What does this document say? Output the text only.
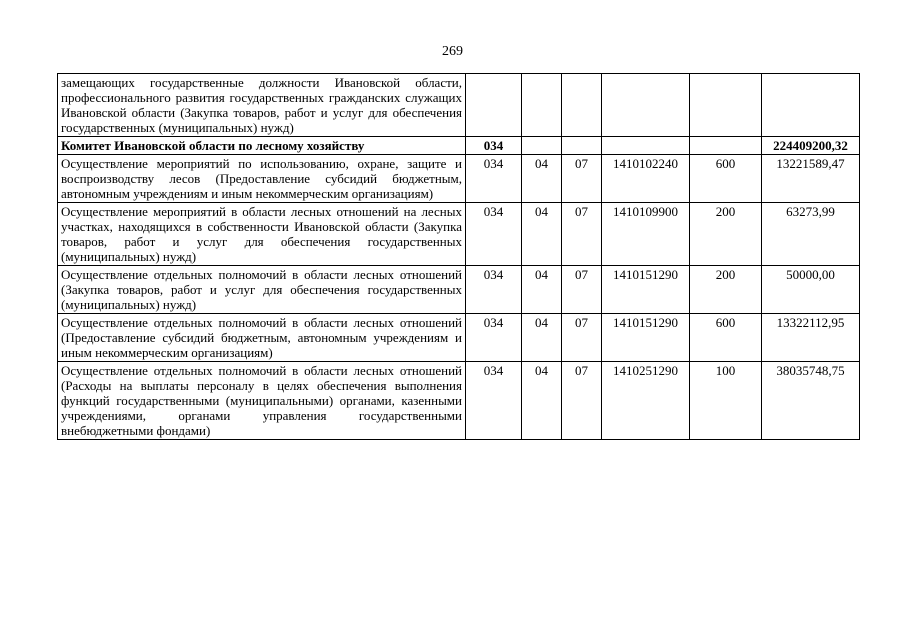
269
замещающих государственные должности Ивановской области, профессионального развития государственных гражданских служащих Ивановской области (Закупка товаров, работ и услуг для обеспечения государственных (муниципальных) нужд)						
Комитет Ивановской области по лесному хозяйству	034					224409200,32
Осуществление мероприятий по использованию, охране, защите и воспроизводству лесов (Предоставление субсидий бюджетным, автономным учреждениям и иным некоммерческим организациям)	034	04	07	1410102240	600	13221589,47
Осуществление мероприятий в области лесных отношений на лесных участках, находящихся в собственности Ивановской области (Закупка товаров, работ и услуг для обеспечения государственных (муниципальных) нужд)	034	04	07	1410109900	200	63273,99
Осуществление отдельных полномочий в области лесных отношений (Закупка товаров, работ и услуг для обеспечения государственных (муниципальных) нужд)	034	04	07	1410151290	200	50000,00
Осуществление отдельных полномочий в области лесных отношений (Предоставление субсидий бюджетным, автономным учреждениям и иным некоммерческим организациям)	034	04	07	1410151290	600	13322112,95
Осуществление отдельных полномочий в области лесных отношений (Расходы на выплаты персоналу в целях обеспечения выполнения функций государственными (муниципальными) органами, казенными учреждениями, органами управления государственными внебюджетными фондами)	034	04	07	1410251290	100	38035748,75
